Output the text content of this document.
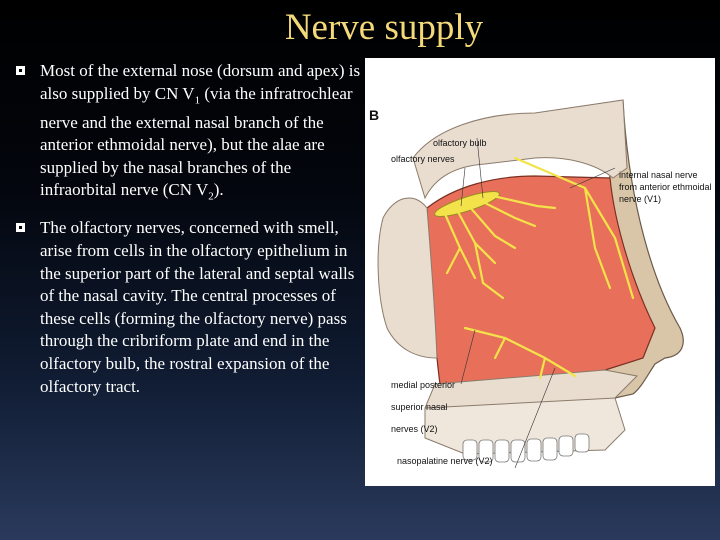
Nerve supply
Most of the external nose (dorsum and apex) is also supplied by CN $V_1$ (via the infratrochlear nerve and the external nasal branch of the anterior ethmoidal nerve), but the alae are supplied by the nasal branches of the infraorbital nerve (CN $V_2$).
The olfactory nerves, concerned with smell, arise from cells in the olfactory epithelium in the superior part of the lateral and septal walls of the nasal cavity. The central processes of these cells (forming the olfactory nerve) pass through the cribriform plate and end in the olfactory bulb, the rostral expansion of the olfactory tract.
B
olfactory bulb
olfactory nerves
internal nasal nerve
from anterior ethmoidal
nerve (V1)
medial posterior
superior nasal
nerves (V2)
nasopalatine nerve (V2)
